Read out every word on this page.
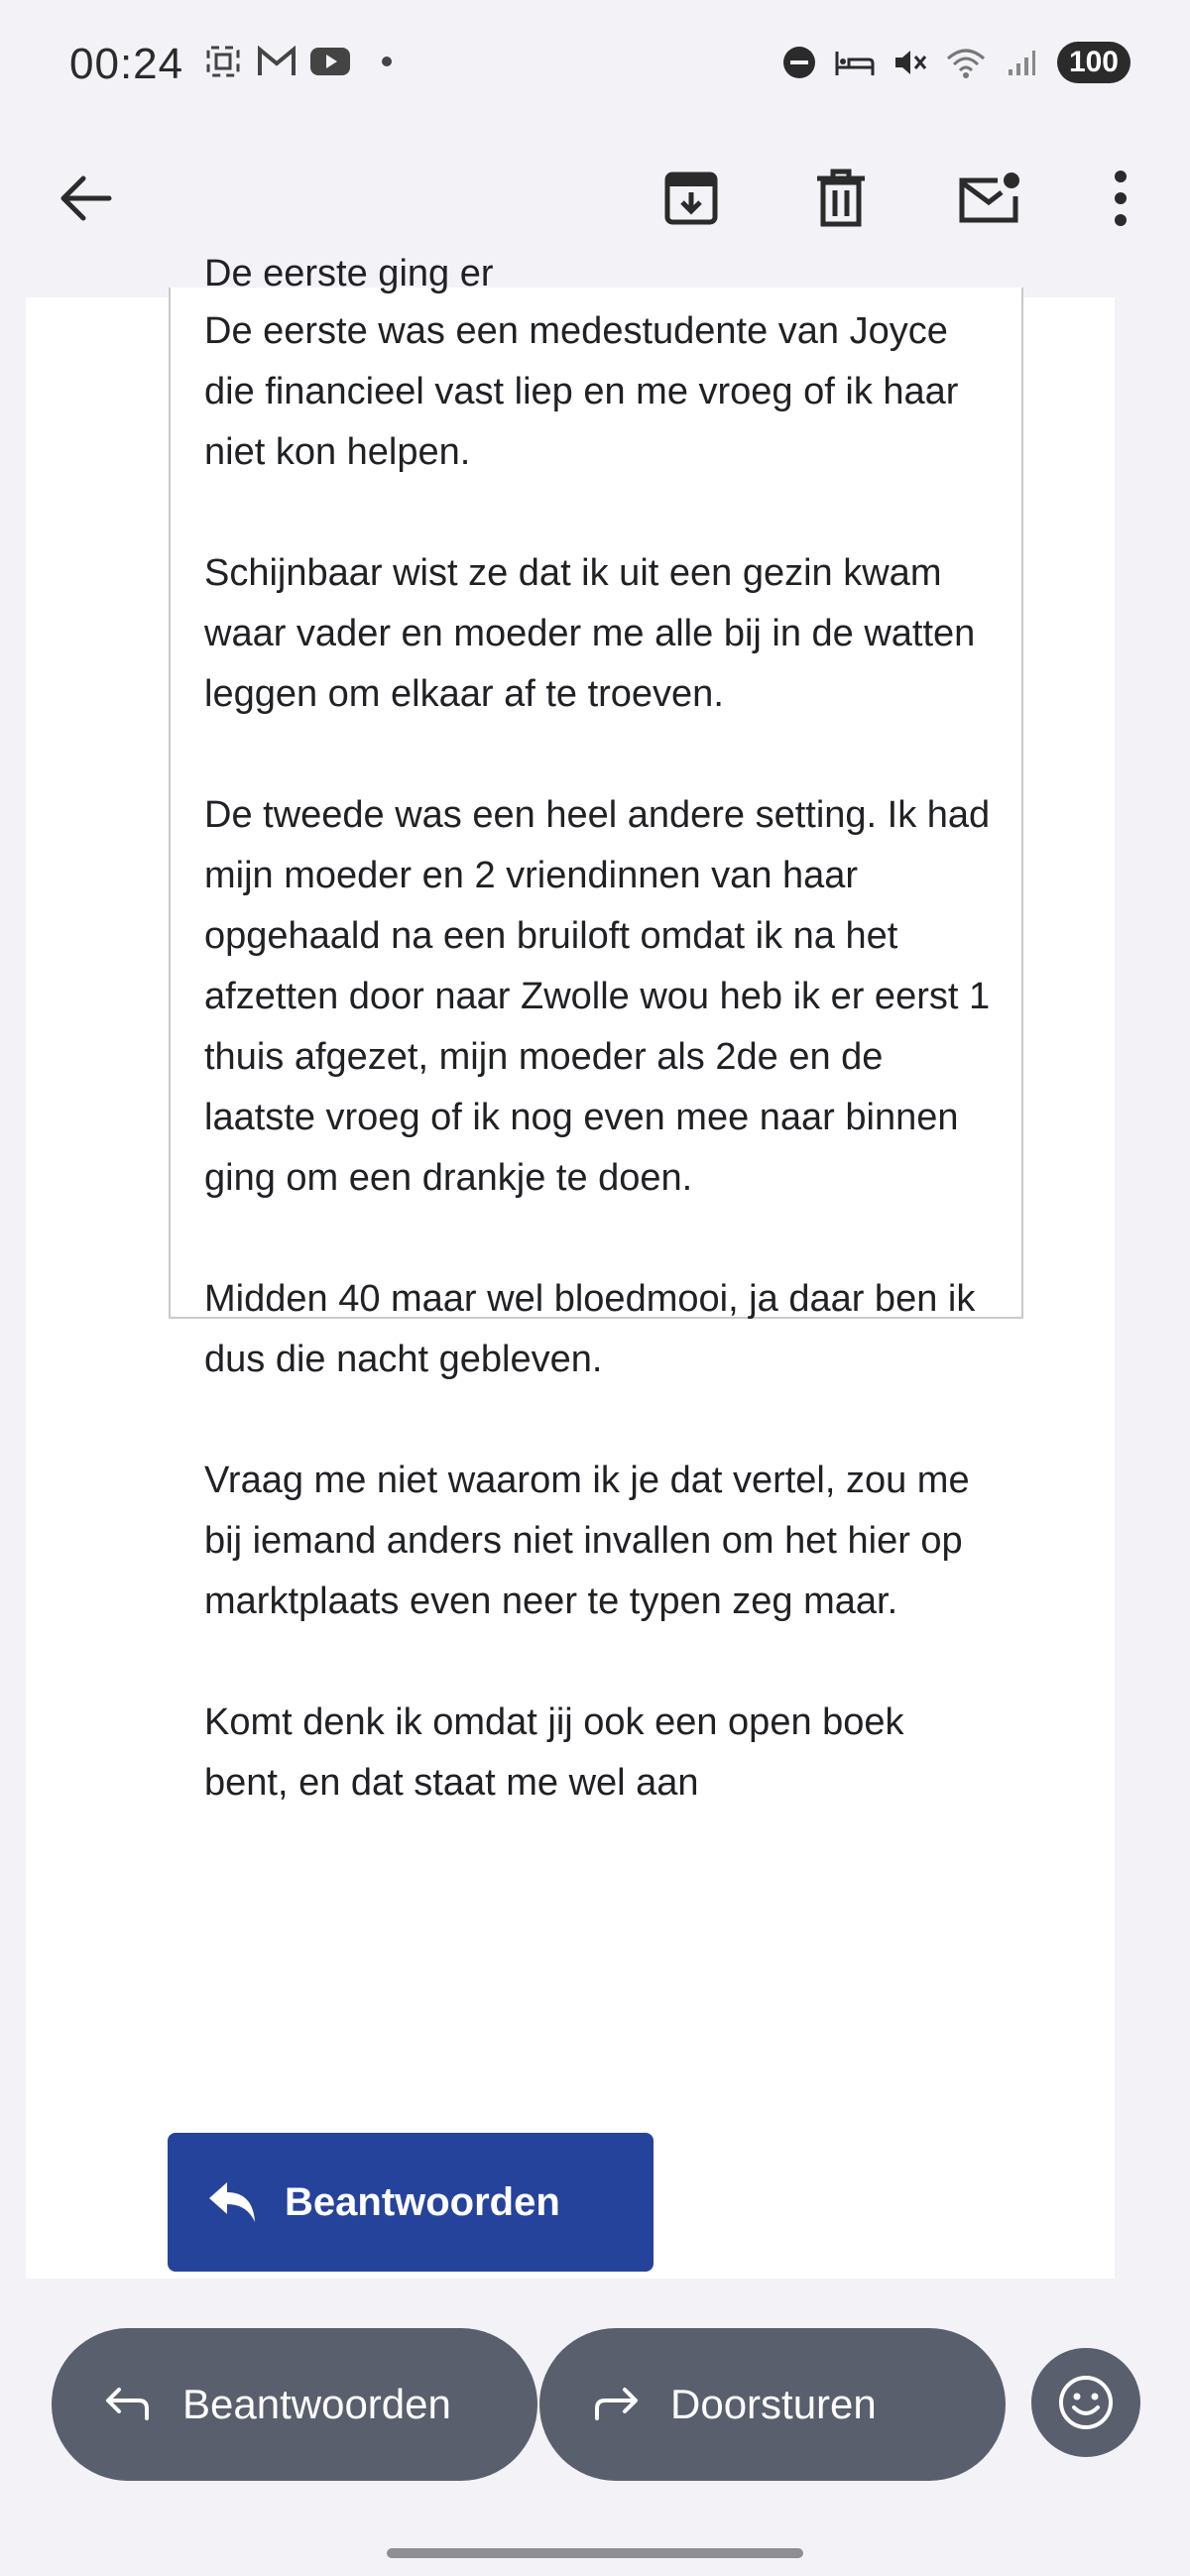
00:24	100
De eerste ging er

De eerste was een medestudente van Joyce die financieel vast liep en me vroeg of ik haar niet kon helpen.

Schijnbaar wist ze dat ik uit een gezin kwam waar vader en moeder me alle bij in de watten leggen om elkaar af te troeven.

De tweede was een heel andere setting. Ik had mijn moeder en 2 vriendinnen van haar opgehaald na een bruiloft omdat ik na het afzetten door naar Zwolle wou heb ik er eerst 1 thuis afgezet, mijn moeder als 2de en de laatste vroeg of ik nog even mee naar binnen ging om een drankje te doen.

Midden 40 maar wel bloedmooi, ja daar ben ik dus die nacht gebleven.

Vraag me niet waarom ik je dat vertel, zou me bij iemand anders niet invallen om het hier op marktplaats even neer te typen zeg maar.

Komt denk ik omdat jij ook een open boek bent, en dat staat me wel aan

Beantwoorden
Beantwoorden	Doorsturen
